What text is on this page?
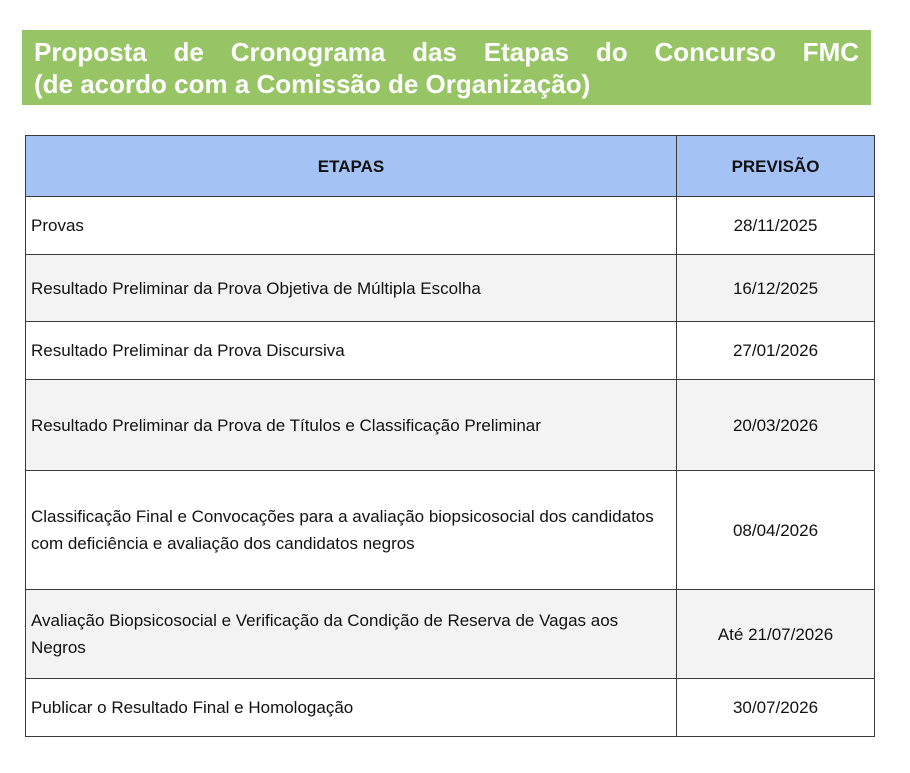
Proposta de Cronograma das Etapas do Concurso FMC
(de acordo com a Comissão de Organização)
ETAPAS	PREVISÃO
Provas	28/11/2025
Resultado Preliminar da Prova Objetiva de Múltipla Escolha	16/12/2025
Resultado Preliminar da Prova Discursiva	27/01/2026
Resultado Preliminar da Prova de Títulos e Classificação Preliminar	20/03/2026
Classificação Final e Convocações para a avaliação biopsicosocial dos candidatos com deficiência e avaliação dos candidatos negros	08/04/2026
Avaliação Biopsicosocial e Verificação da Condição de Reserva de Vagas aos Negros	Até 21/07/2026
Publicar o Resultado Final e Homologação	30/07/2026
